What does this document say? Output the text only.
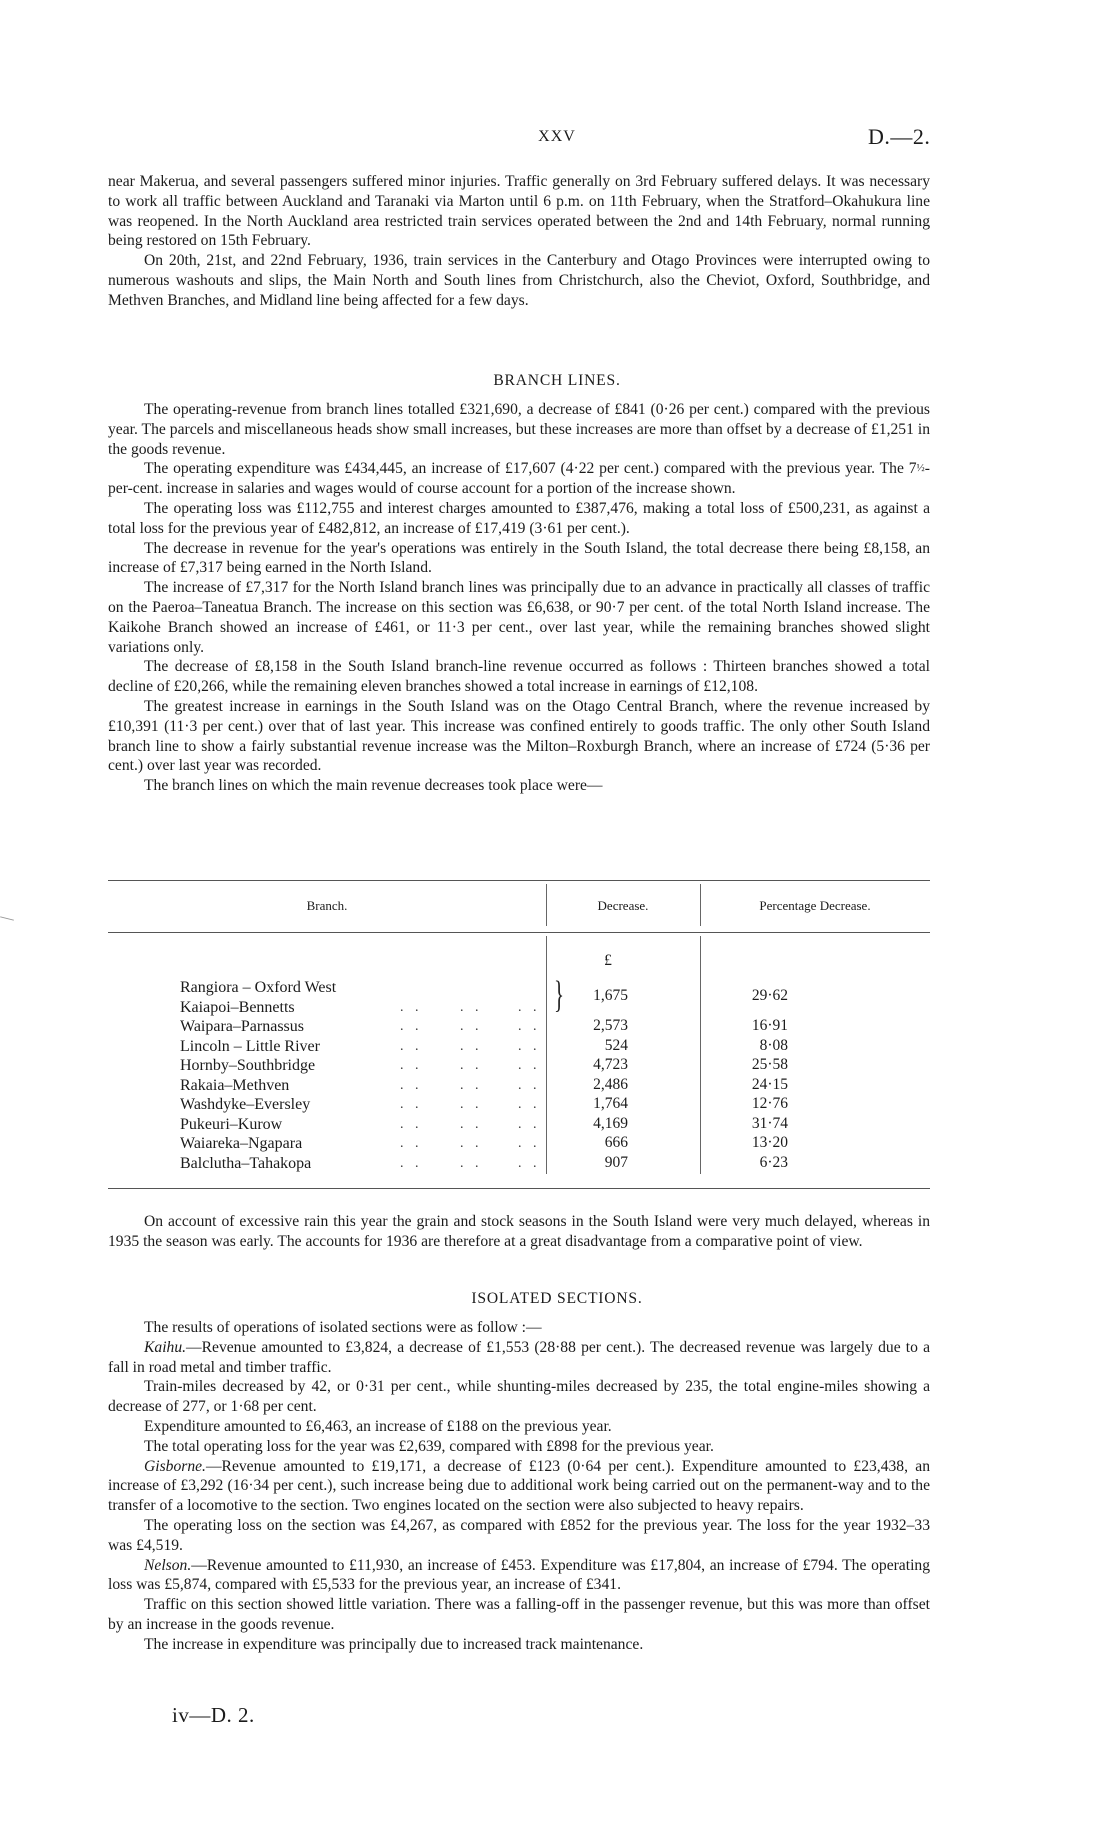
XXV	D.—2.

near Makerua, and several passengers suffered minor injuries. Traffic generally on 3rd February suffered delays. It was necessary to work all traffic between Auckland and Taranaki via Marton until 6 p.m. on 11th February, when the Stratford–Okahukura line was reopened. In the North Auckland area restricted train services operated between the 2nd and 14th February, normal running being restored on 15th February.

On 20th, 21st, and 22nd February, 1936, train services in the Canterbury and Otago Provinces were interrupted owing to numerous washouts and slips, the Main North and South lines from Christchurch, also the Cheviot, Oxford, Southbridge, and Methven Branches, and Midland line being affected for a few days.

BRANCH LINES.

The operating-revenue from branch lines totalled £321,690, a decrease of £841 (0·26 per cent.) compared with the previous year. The parcels and miscellaneous heads show small increases, but these increases are more than offset by a decrease of £1,251 in the goods revenue.

The operating expenditure was £434,445, an increase of £17,607 (4·22 per cent.) compared with the previous year. The 7½-per-cent. increase in salaries and wages would of course account for a portion of the increase shown.

The operating loss was £112,755 and interest charges amounted to £387,476, making a total loss of £500,231, as against a total loss for the previous year of £482,812, an increase of £17,419 (3·61 per cent.).

The decrease in revenue for the year's operations was entirely in the South Island, the total decrease there being £8,158, an increase of £7,317 being earned in the North Island.

The increase of £7,317 for the North Island branch lines was principally due to an advance in practically all classes of traffic on the Paeroa–Taneatua Branch. The increase on this section was £6,638, or 90·7 per cent. of the total North Island increase. The Kaikohe Branch showed an increase of £461, or 11·3 per cent., over last year, while the remaining branches showed slight variations only.

The decrease of £8,158 in the South Island branch-line revenue occurred as follows : Thirteen branches showed a total decline of £20,266, while the remaining eleven branches showed a total increase in earnings of £12,108.

The greatest increase in earnings in the South Island was on the Otago Central Branch, where the revenue increased by £10,391 (11·3 per cent.) over that of last year. This increase was confined entirely to goods traffic. The only other South Island branch line to show a fairly substantial revenue increase was the Milton–Roxburgh Branch, where an increase of £724 (5·36 per cent.) over last year was recorded.

The branch lines on which the main revenue decreases took place were—

Branch.	Decrease.	Percentage Decrease.
£
Rangiora – Oxford West
Kaiapoi–Bennetts	. .	. .	. . }	1,675	29·62
Waipara–Parnassus	2,573	16·91
. .	. .	. .
Lincoln – Little River	524	8·08
. .	. .	. .
Hornby–Southbridge	4,723	25·58
. .	. .	. .
Rakaia–Methven	2,486	24·15
. .	. .	. .
Washdyke–Eversley	1,764	12·76
. .	. .	. .
Pukeuri–Kurow	4,169	31·74
. .	. .	. .
Waiareka–Ngapara	666	13·20
. .	. .	. .
Balclutha–Tahakopa	907	6·23
. .	. .	. .

On account of excessive rain this year the grain and stock seasons in the South Island were very much delayed, whereas in 1935 the season was early. The accounts for 1936 are therefore at a great disadvantage from a comparative point of view.

ISOLATED SECTIONS.

The results of operations of isolated sections were as follow :—

Kaihu.—Revenue amounted to £3,824, a decrease of £1,553 (28·88 per cent.). The decreased revenue was largely due to a fall in road metal and timber traffic.

Train-miles decreased by 42, or 0·31 per cent., while shunting-miles decreased by 235, the total engine-miles showing a decrease of 277, or 1·68 per cent.

Expenditure amounted to £6,463, an increase of £188 on the previous year.

The total operating loss for the year was £2,639, compared with £898 for the previous year.

Gisborne.—Revenue amounted to £19,171, a decrease of £123 (0·64 per cent.). Expenditure amounted to £23,438, an increase of £3,292 (16·34 per cent.), such increase being due to additional work being carried out on the permanent-way and to the transfer of a locomotive to the section. Two engines located on the section were also subjected to heavy repairs.

The operating loss on the section was £4,267, as compared with £852 for the previous year. The loss for the year 1932–33 was £4,519.

Nelson.—Revenue amounted to £11,930, an increase of £453. Expenditure was £17,804, an increase of £794. The operating loss was £5,874, compared with £5,533 for the previous year, an increase of £341.

Traffic on this section showed little variation. There was a falling-off in the passenger revenue, but this was more than offset by an increase in the goods revenue.

The increase in expenditure was principally due to increased track maintenance.

iv—D. 2.
